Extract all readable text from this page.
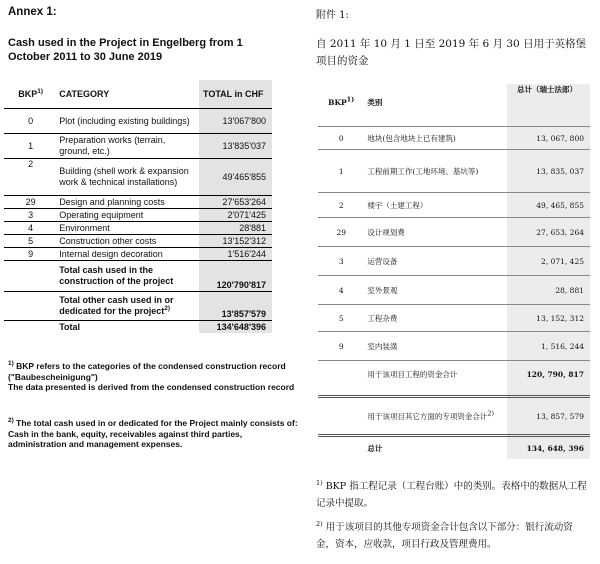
Annex 1:
Cash used in the Project in Engelberg from 1 October 2011 to 30 June 2019
BKP$^{1)}$	CATEGORY	TOTAL in CHF
0	Plot (including existing buildings)	13'067'800
1	Preparation works (terrain, ground, etc.)	13'835'037
2	Building (shell work & expansion work & technical installations)	49'465'855
29	Design and planning costs	27'653'264
3	Operating equipment	2'071'425
4	Environment	28'881
5	Construction other costs	13'152'312
9	Internal design decoration	1'516'244
	Total cash used in the construction of the project	120'790'817
	Total other cash used in or dedicated for the project$^{2)}$	13'857'579
	Total	134'648'396
$^{1)}$ BKP refers to the categories of the condensed construction record ("Baubescheinigung")
The data presented is derived from the condensed construction record
$^{2)}$ The total cash used in or dedicated for the Project mainly consists of:
Cash in the bank, equity, receivables against third parties, administration and management expenses.
附件 1:
自 2011 年 10 月 1 日至 2019 年 6 月 30 日用于英格堡项目的资金
BKP$^{1)}$	类别	总计（瑞士法郎）

0	地块(包含地块上已有建筑)	13, 067, 800
1	工程前期工作(工地环境、基坑等)	13, 835, 037
2	楼宇（土建工程）	49, 465, 855
29	设计规划费	27, 653, 264
3	运营设备	2, 071, 425
4	室外景观	28, 881
5	工程杂费	13, 152, 312
9	室内装潢	1, 516, 244
	用于该项目工程的资金合计	120, 790, 817

	用于该项目其它方面的专项资金合计$^{2)}$	13, 857, 579
	总计	134, 648, 396
$^{1)}$ BKP 指工程记录（工程台账）中的类别。表格中的数据从工程记录中提取。
$^{2)}$ 用于该项目的其他专项资金合计包含以下部分：银行流动资金，资本，应收款，项目行政及管理费用。
